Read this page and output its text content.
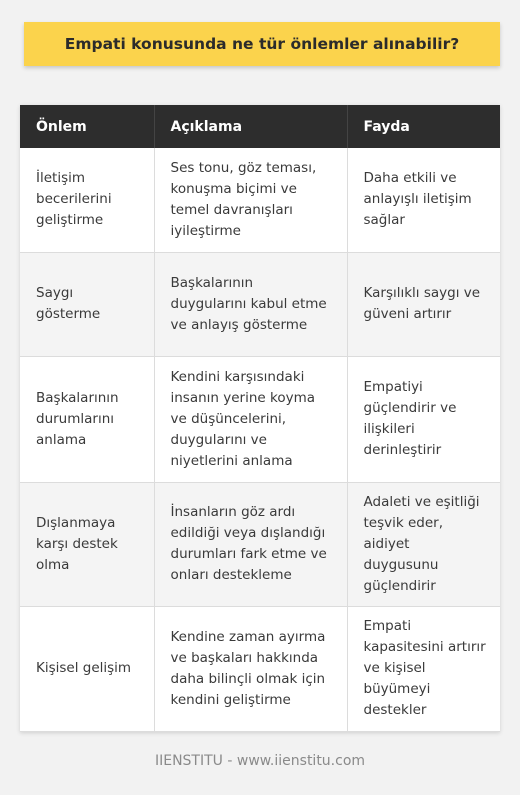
Empati konusunda ne tür önlemler alınabilir?
Önlem	Açıklama	Fayda
İletişim becerilerini geliştirme	Ses tonu, göz teması, konuşma biçimi ve temel davranışları iyileştirme	Daha etkili ve anlayışlı iletişim sağlar
Saygı gösterme	Başkalarının duygularını kabul etme ve anlayış gösterme	Karşılıklı saygı ve güveni artırır
Başkalarının durumlarını anlama	Kendini karşısındaki insanın yerine koyma ve düşüncelerini, duygularını ve niyetlerini anlama	Empatiyi güçlendirir ve ilişkileri derinleştirir
Dışlanmaya karşı destek olma	İnsanların göz ardı edildiği veya dışlandığı durumları fark etme ve onları destekleme	Adaleti ve eşitliği teşvik eder, aidiyet duygusunu güçlendirir
Kişisel gelişim	Kendine zaman ayırma ve başkaları hakkında daha bilinçli olmak için kendini geliştirme	Empati kapasitesini artırır ve kişisel büyümeyi destekler
IIENSTITU - www.iienstitu.com
